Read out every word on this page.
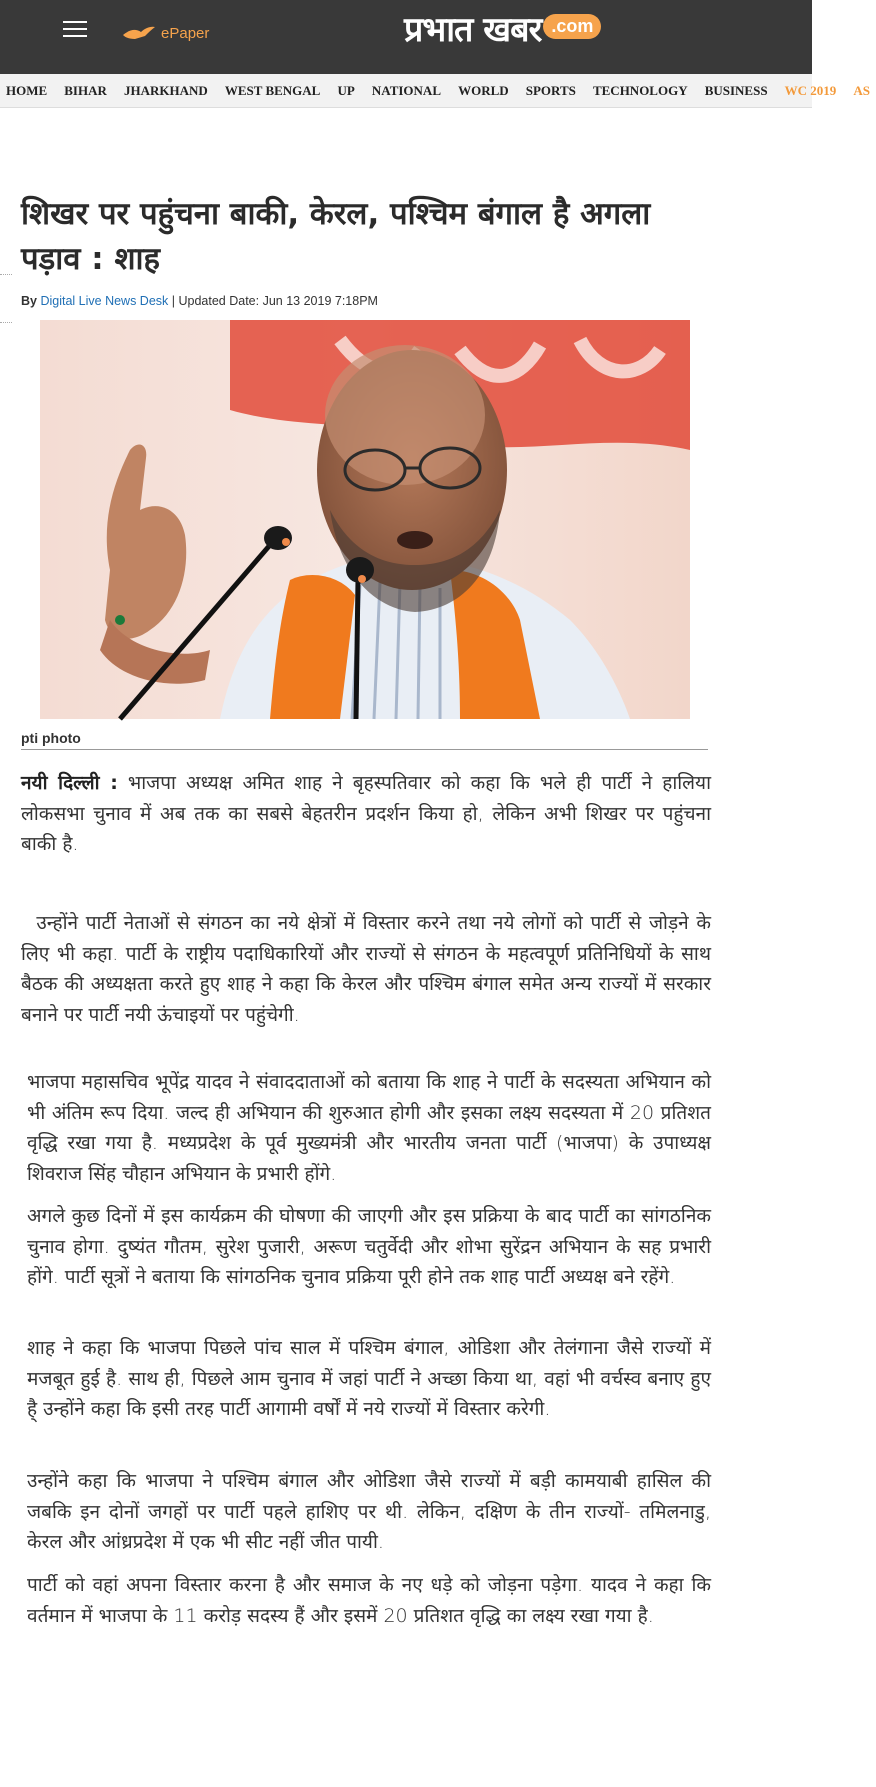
ePaper	प्रभात खबर .com
HOME BIHAR JHARKHAND WEST BENGAL UP NATIONAL WORLD SPORTS TECHNOLOGY BUSINESS WC 2019 AS
शिखर पर पहुंचना बाकी, केरल, पश्चिम बंगाल है अगला पड़ाव : शाह
By Digital Live News Desk | Updated Date: Jun 13 2019 7:18PM
pti photo

नयी दिल्ली : भाजपा अध्यक्ष अमित शाह ने बृहस्पतिवार को कहा कि भले ही पार्टी ने हालिया लोकसभा चुनाव में अब तक का सबसे बेहतरीन प्रदर्शन किया हो, लेकिन अभी शिखर पर पहुंचना बाकी है.

उन्होंने पार्टी नेताओं से संगठन का नये क्षेत्रों में विस्तार करने तथा नये लोगों को पार्टी से जोड़ने के लिए भी कहा. पार्टी के राष्ट्रीय पदाधिकारियों और राज्यों से संगठन के महत्वपूर्ण प्रतिनिधियों के साथ बैठक की अध्यक्षता करते हुए शाह ने कहा कि केरल और पश्चिम बंगाल समेत अन्य राज्यों में सरकार बनाने पर पार्टी नयी ऊंचाइयों पर पहुंचेगी.

भाजपा महासचिव भूपेंद्र यादव ने संवाददाताओं को बताया कि शाह ने पार्टी के सदस्यता अभियान को भी अंतिम रूप दिया. जल्द ही अभियान की शुरुआत होगी और इसका लक्ष्य सदस्यता में 20 प्रतिशत वृद्धि रखा गया है. मध्यप्रदेश के पूर्व मुख्यमंत्री और भारतीय जनता पार्टी (भाजपा) के उपाध्यक्ष शिवराज सिंह चौहान अभियान के प्रभारी होंगे.

अगले कुछ दिनों में इस कार्यक्रम की घोषणा की जाएगी और इस प्रक्रिया के बाद पार्टी का सांगठनिक चुनाव होगा. दुष्यंत गौतम, सुरेश पुजारी, अरूण चतुर्वेदी और शोभा सुरेंद्रन अभियान के सह प्रभारी होंगे. पार्टी सूत्रों ने बताया कि सांगठनिक चुनाव प्रक्रिया पूरी होने तक शाह पार्टी अध्यक्ष बने रहेंगे.

शाह ने कहा कि भाजपा पिछले पांच साल में पश्चिम बंगाल, ओडिशा और तेलंगाना जैसे राज्यों में मजबूत हुई है. साथ ही, पिछले आम चुनाव में जहां पार्टी ने अच्छा किया था, वहां भी वर्चस्व बनाए हुए है् उन्होंने कहा कि इसी तरह पार्टी आगामी वर्षों में नये राज्यों में विस्तार करेगी.

उन्होंने कहा कि भाजपा ने पश्चिम बंगाल और ओडिशा जैसे राज्यों में बड़ी कामयाबी हासिल की जबकि इन दोनों जगहों पर पार्टी पहले हाशिए पर थी. लेकिन, दक्षिण के तीन राज्यों- तमिलनाडु, केरल और आंध्रप्रदेश में एक भी सीट नहीं जीत पायी.

पार्टी को वहां अपना विस्तार करना है और समाज के नए धड़े को जोड़ना पड़ेगा. यादव ने कहा कि वर्तमान में भाजपा के 11 करोड़ सदस्य हैं और इसमें 20 प्रतिशत वृद्धि का लक्ष्य रखा गया है.
